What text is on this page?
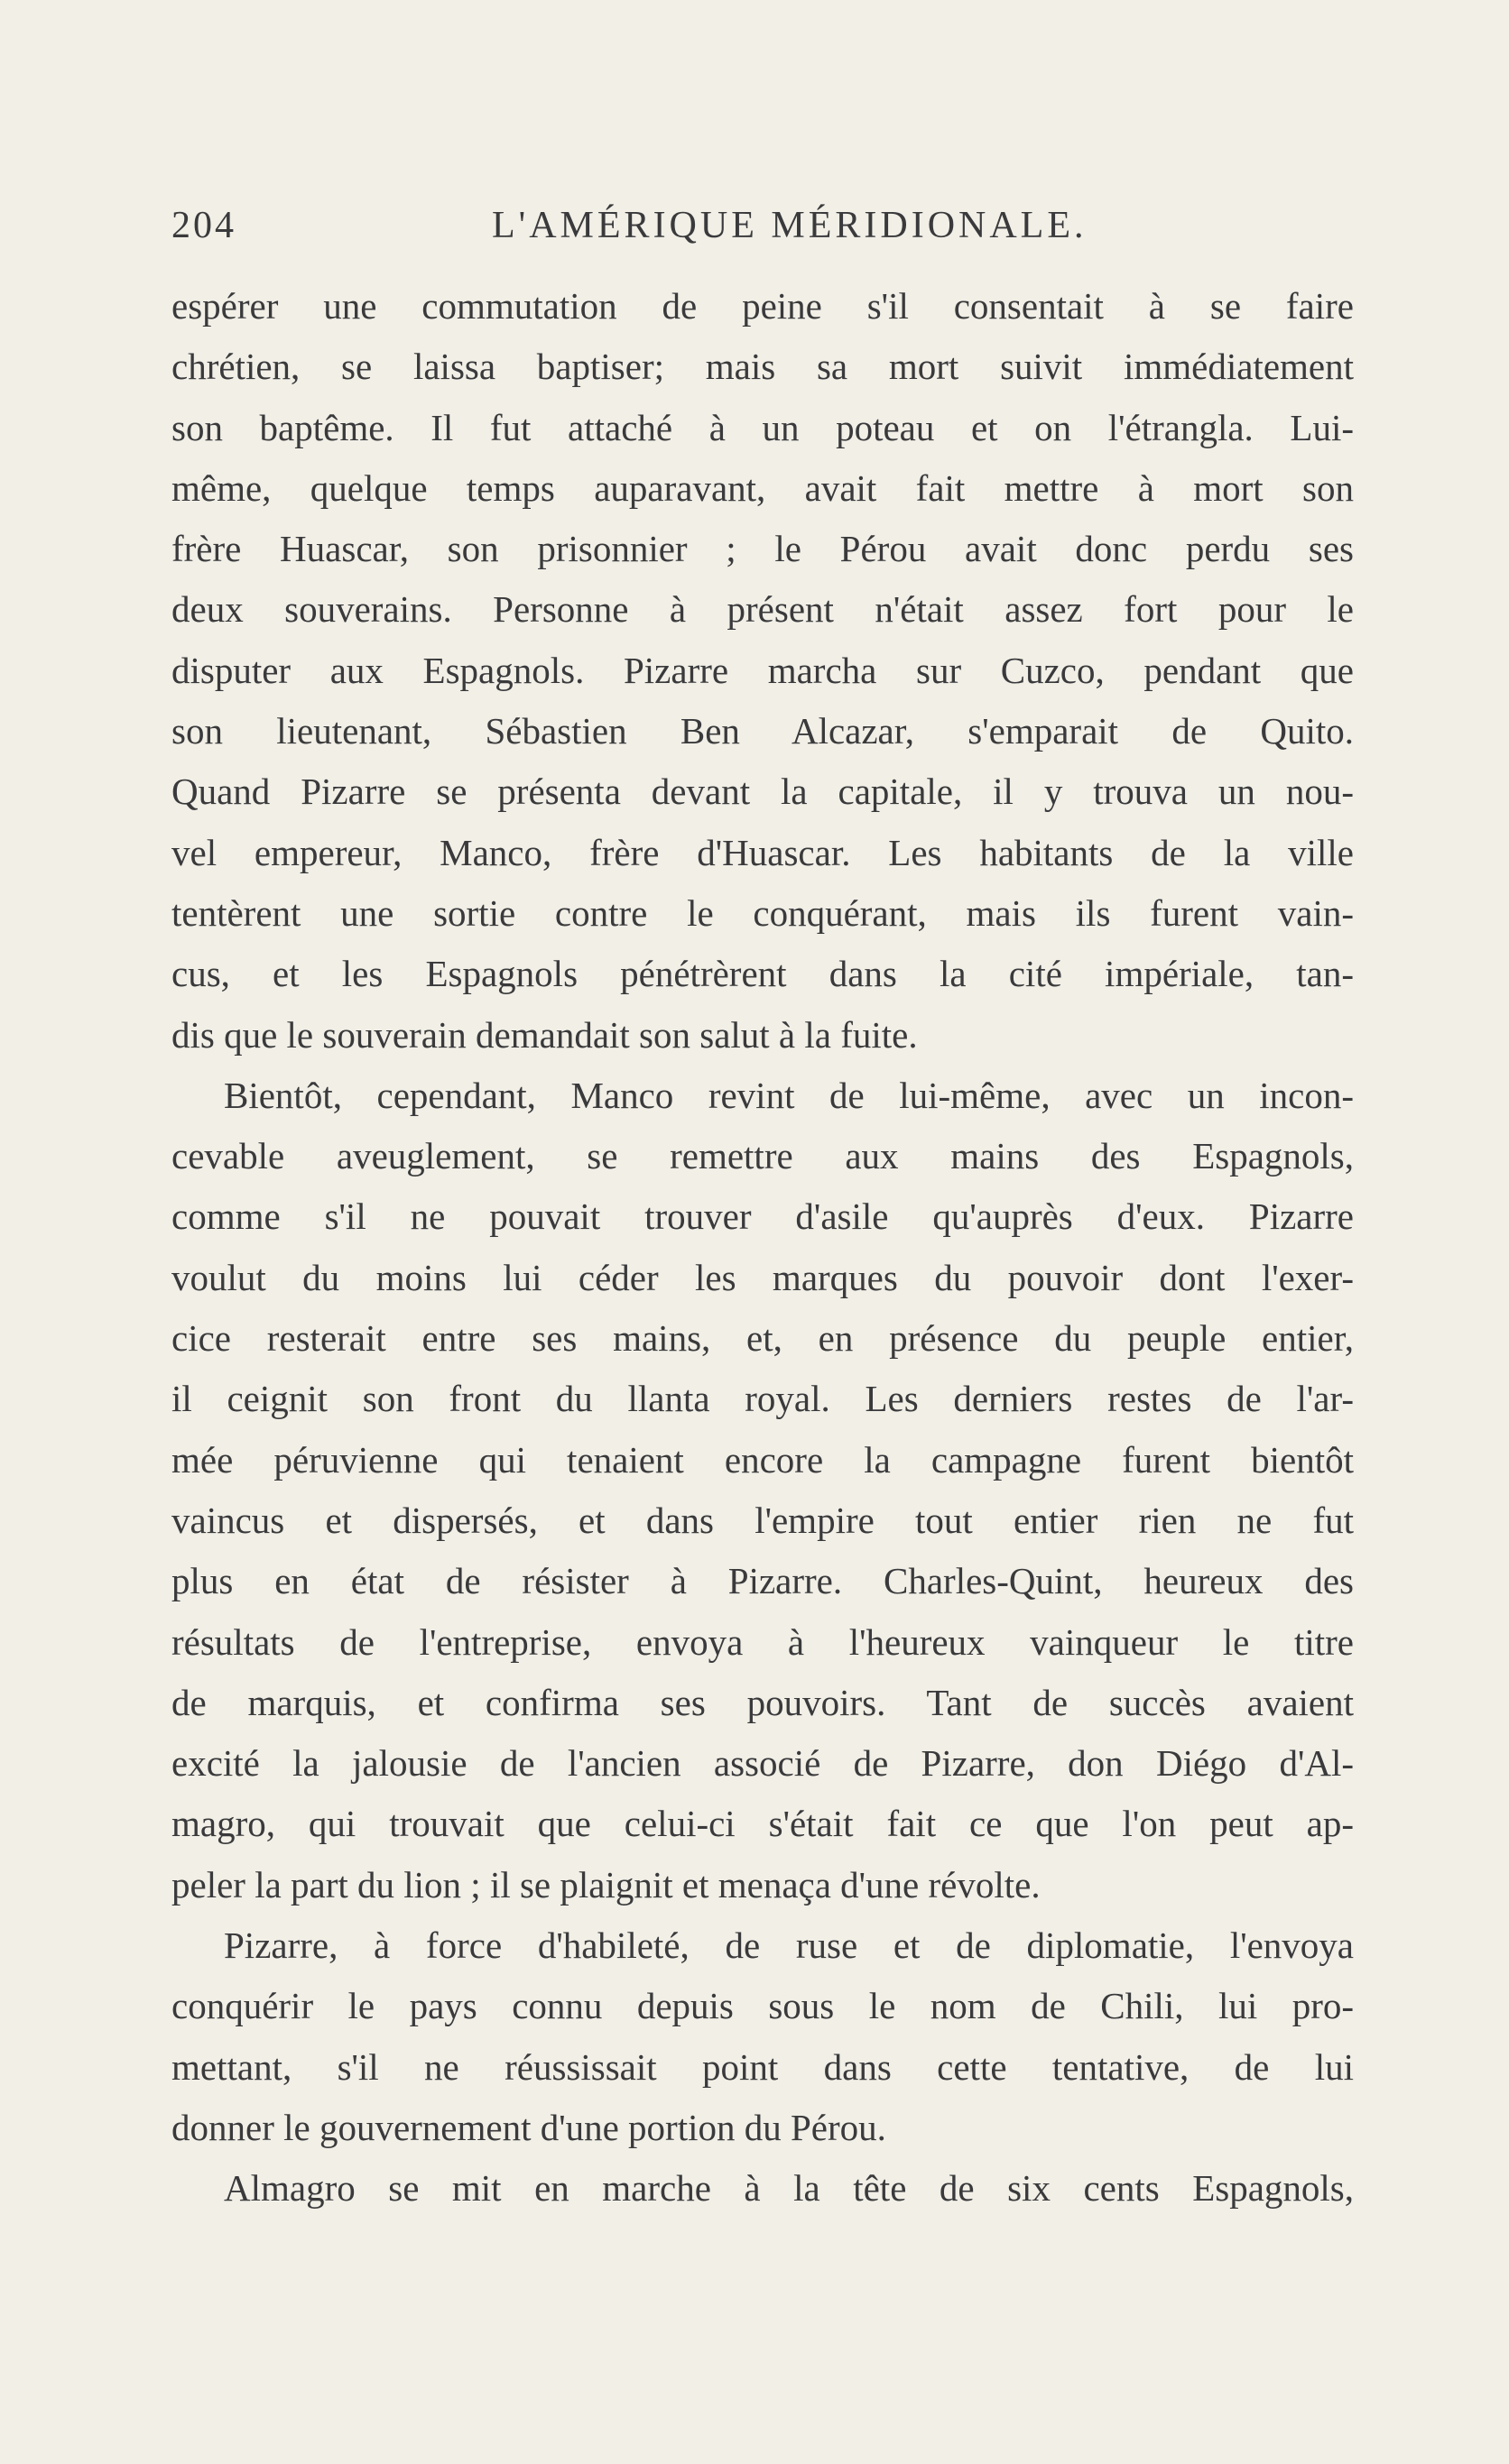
204	L'AMÉRIQUE MÉRIDIONALE.
espérer une commutation de peine s'il consentait à se faire
chrétien, se laissa baptiser; mais sa mort suivit immédiatement
son baptême. Il fut attaché à un poteau et on l'étrangla. Lui-
même, quelque temps auparavant, avait fait mettre à mort son
frère Huascar, son prisonnier ; le Pérou avait donc perdu ses
deux souverains. Personne à présent n'était assez fort pour le
disputer aux Espagnols. Pizarre marcha sur Cuzco, pendant que
son lieutenant, Sébastien Ben Alcazar, s'emparait de Quito.
Quand Pizarre se présenta devant la capitale, il y trouva un nou-
vel empereur, Manco, frère d'Huascar. Les habitants de la ville
tentèrent une sortie contre le conquérant, mais ils furent vain-
cus, et les Espagnols pénétrèrent dans la cité impériale, tan-
dis que le souverain demandait son salut à la fuite.
Bientôt, cependant, Manco revint de lui-même, avec un incon-
cevable aveuglement, se remettre aux mains des Espagnols,
comme s'il ne pouvait trouver d'asile qu'auprès d'eux. Pizarre
voulut du moins lui céder les marques du pouvoir dont l'exer-
cice resterait entre ses mains, et, en présence du peuple entier,
il ceignit son front du llanta royal. Les derniers restes de l'ar-
mée péruvienne qui tenaient encore la campagne furent bientôt
vaincus et dispersés, et dans l'empire tout entier rien ne fut
plus en état de résister à Pizarre. Charles-Quint, heureux des
résultats de l'entreprise, envoya à l'heureux vainqueur le titre
de marquis, et confirma ses pouvoirs. Tant de succès avaient
excité la jalousie de l'ancien associé de Pizarre, don Diégo d'Al-
magro, qui trouvait que celui-ci s'était fait ce que l'on peut ap-
peler la part du lion ; il se plaignit et menaça d'une révolte.
Pizarre, à force d'habileté, de ruse et de diplomatie, l'envoya
conquérir le pays connu depuis sous le nom de Chili, lui pro-
mettant, s'il ne réussissait point dans cette tentative, de lui
donner le gouvernement d'une portion du Pérou.
Almagro se mit en marche à la tête de six cents Espagnols,
